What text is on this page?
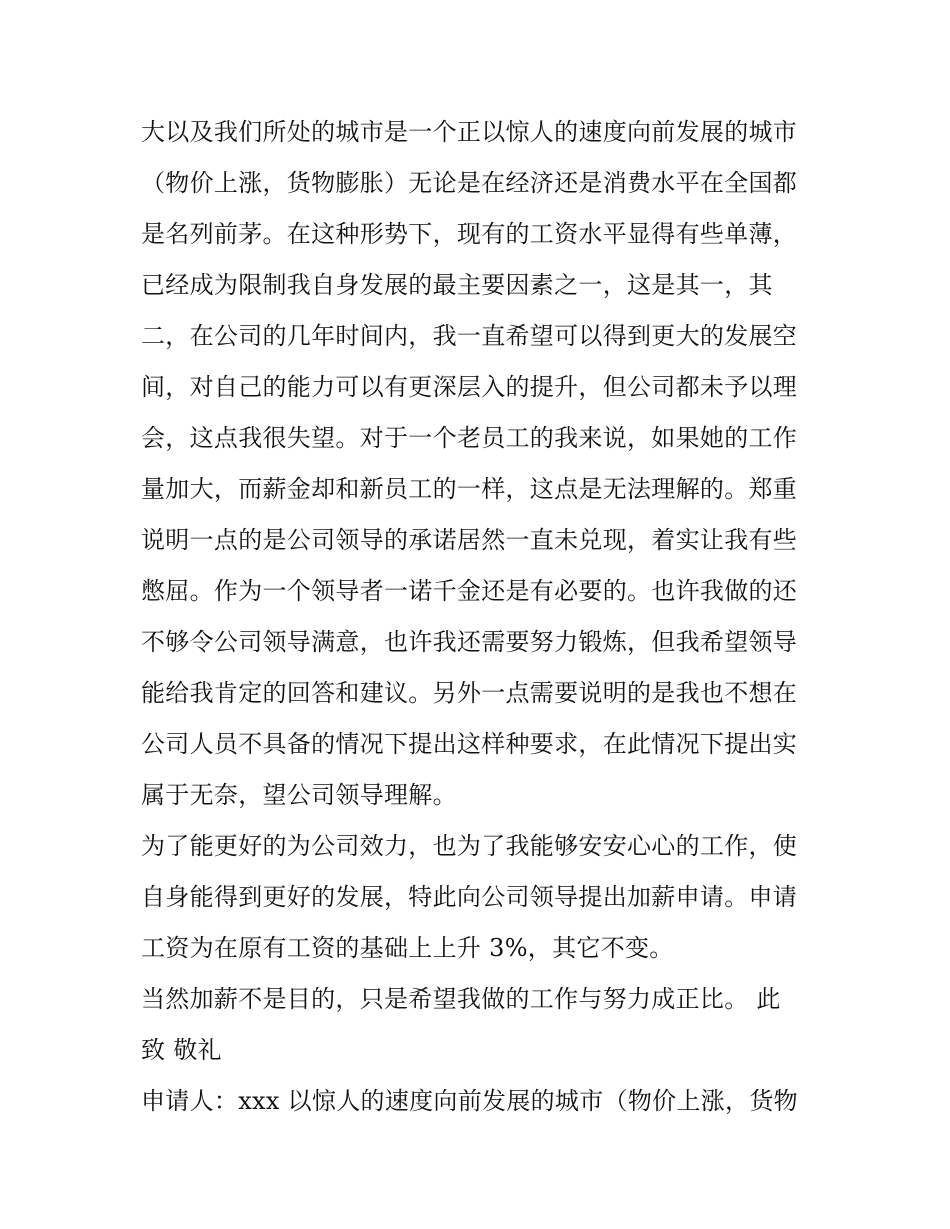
大以及我们所处的城市是一个正以惊人的速度向前发展的城市
（物价上涨，货物膨胀）无论是在经济还是消费水平在全国都
是名列前茅。在这种形势下，现有的工资水平显得有些单薄，
已经成为限制我自身发展的最主要因素之一，这是其一，其
二，在公司的几年时间内，我一直希望可以得到更大的发展空
间，对自己的能力可以有更深层入的提升，但公司都未予以理
会，这点我很失望。对于一个老员工的我来说，如果她的工作
量加大，而薪金却和新员工的一样，这点是无法理解的。郑重
说明一点的是公司领导的承诺居然一直未兑现，着实让我有些
憋屈。作为一个领导者一诺千金还是有必要的。也许我做的还
不够令公司领导满意，也许我还需要努力锻炼，但我希望领导
能给我肯定的回答和建议。另外一点需要说明的是我也不想在
公司人员不具备的情况下提出这样种要求，在此情况下提出实
属于无奈，望公司领导理解。
为了能更好的为公司效力，也为了我能够安安心心的工作，使
自身能得到更好的发展，特此向公司领导提出加薪申请。申请
工资为在原有工资的基础上上升 3%，其它不变。
当然加薪不是目的，只是希望我做的工作与努力成正比。 此
致 敬礼
申请人：xxx 以惊人的速度向前发展的城市（物价上涨，货物
